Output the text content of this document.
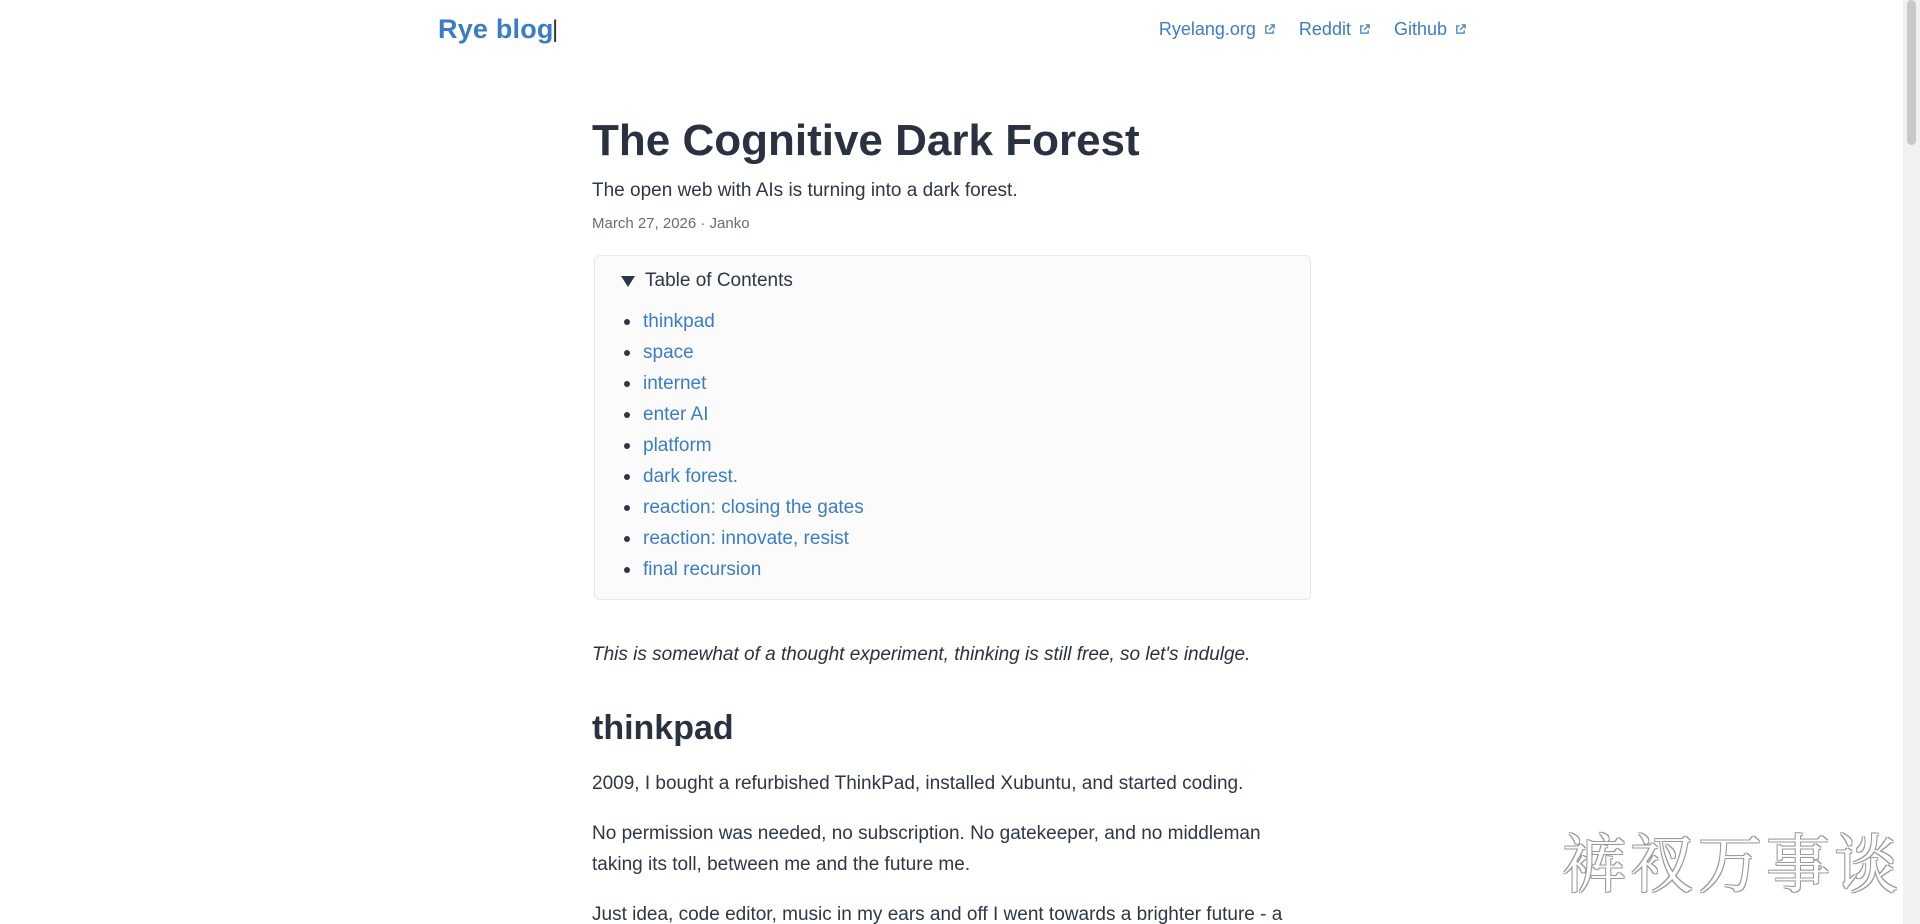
Rye blog
|	Ryelang.org Reddit Github
The Cognitive Dark Forest

The open web with AIs is turning into a dark forest.

March 27, 2026 · Janko
Table of Contents
thinkpad
space
internet
enter AI
platform
dark forest.
reaction: closing the gates
reaction: innovate, resist
final recursion

This is somewhat of a thought experiment, thinking is still free, so let's indulge.

thinkpad

2009, I bought a refurbished ThinkPad, installed Xubuntu, and started coding.

No permission was needed, no subscription. No gatekeeper, and no middleman taking its toll, between me and the future me.

Just idea, code editor, music in my ears and off I went towards a brighter future - a

裤衩万事谈
